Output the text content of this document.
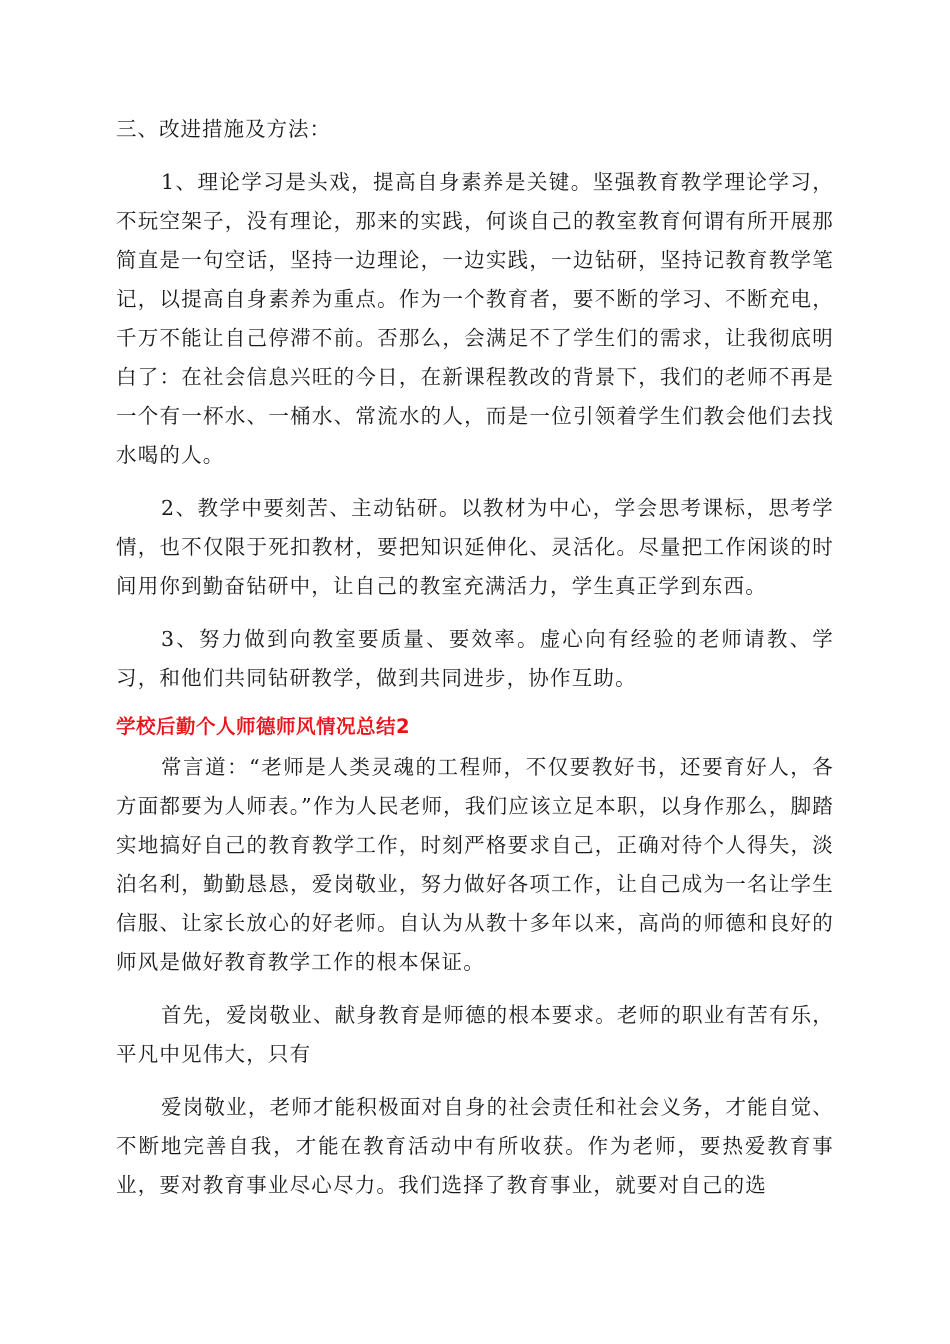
三、改进措施及方法：

1、理论学习是头戏，提高自身素养是关键。坚强教育教学理论学习，不玩空架子，没有理论，那来的实践，何谈自己的教室教育何谓有所开展那简直是一句空话，坚持一边理论，一边实践，一边钻研，坚持记教育教学笔记，以提高自身素养为重点。作为一个教育者，要不断的学习、不断充电，千万不能让自己停滞不前。否那么，会满足不了学生们的需求，让我彻底明白了：在社会信息兴旺的今日，在新课程教改的背景下，我们的老师不再是一个有一杯水、一桶水、常流水的人，而是一位引领着学生们教会他们去找水喝的人。

2、教学中要刻苦、主动钻研。以教材为中心，学会思考课标，思考学情，也不仅限于死扣教材，要把知识延伸化、灵活化。尽量把工作闲谈的时间用你到勤奋钻研中，让自己的教室充满活力，学生真正学到东西。

3、努力做到向教室要质量、要效率。虚心向有经验的老师请教、学习，和他们共同钻研教学，做到共同进步，协作互助。

学校后勤个人师德师风情况总结2

常言道：“老师是人类灵魂的工程师，不仅要教好书，还要育好人，各方面都要为人师表。”作为人民老师，我们应该立足本职，以身作那么，脚踏实地搞好自己的教育教学工作，时刻严格要求自己，正确对待个人得失，淡泊名利，勤勤恳恳，爱岗敬业，努力做好各项工作，让自己成为一名让学生信服、让家长放心的好老师。自认为从教十多年以来，高尚的师德和良好的师风是做好教育教学工作的根本保证。

首先，爱岗敬业、献身教育是师德的根本要求。老师的职业有苦有乐，平凡中见伟大，只有

爱岗敬业，老师才能积极面对自身的社会责任和社会义务，才能自觉、不断地完善自我，才能在教育活动中有所收获。作为老师，要热爱教育事业，要对教育事业尽心尽力。我们选择了教育事业，就要对自己的选
